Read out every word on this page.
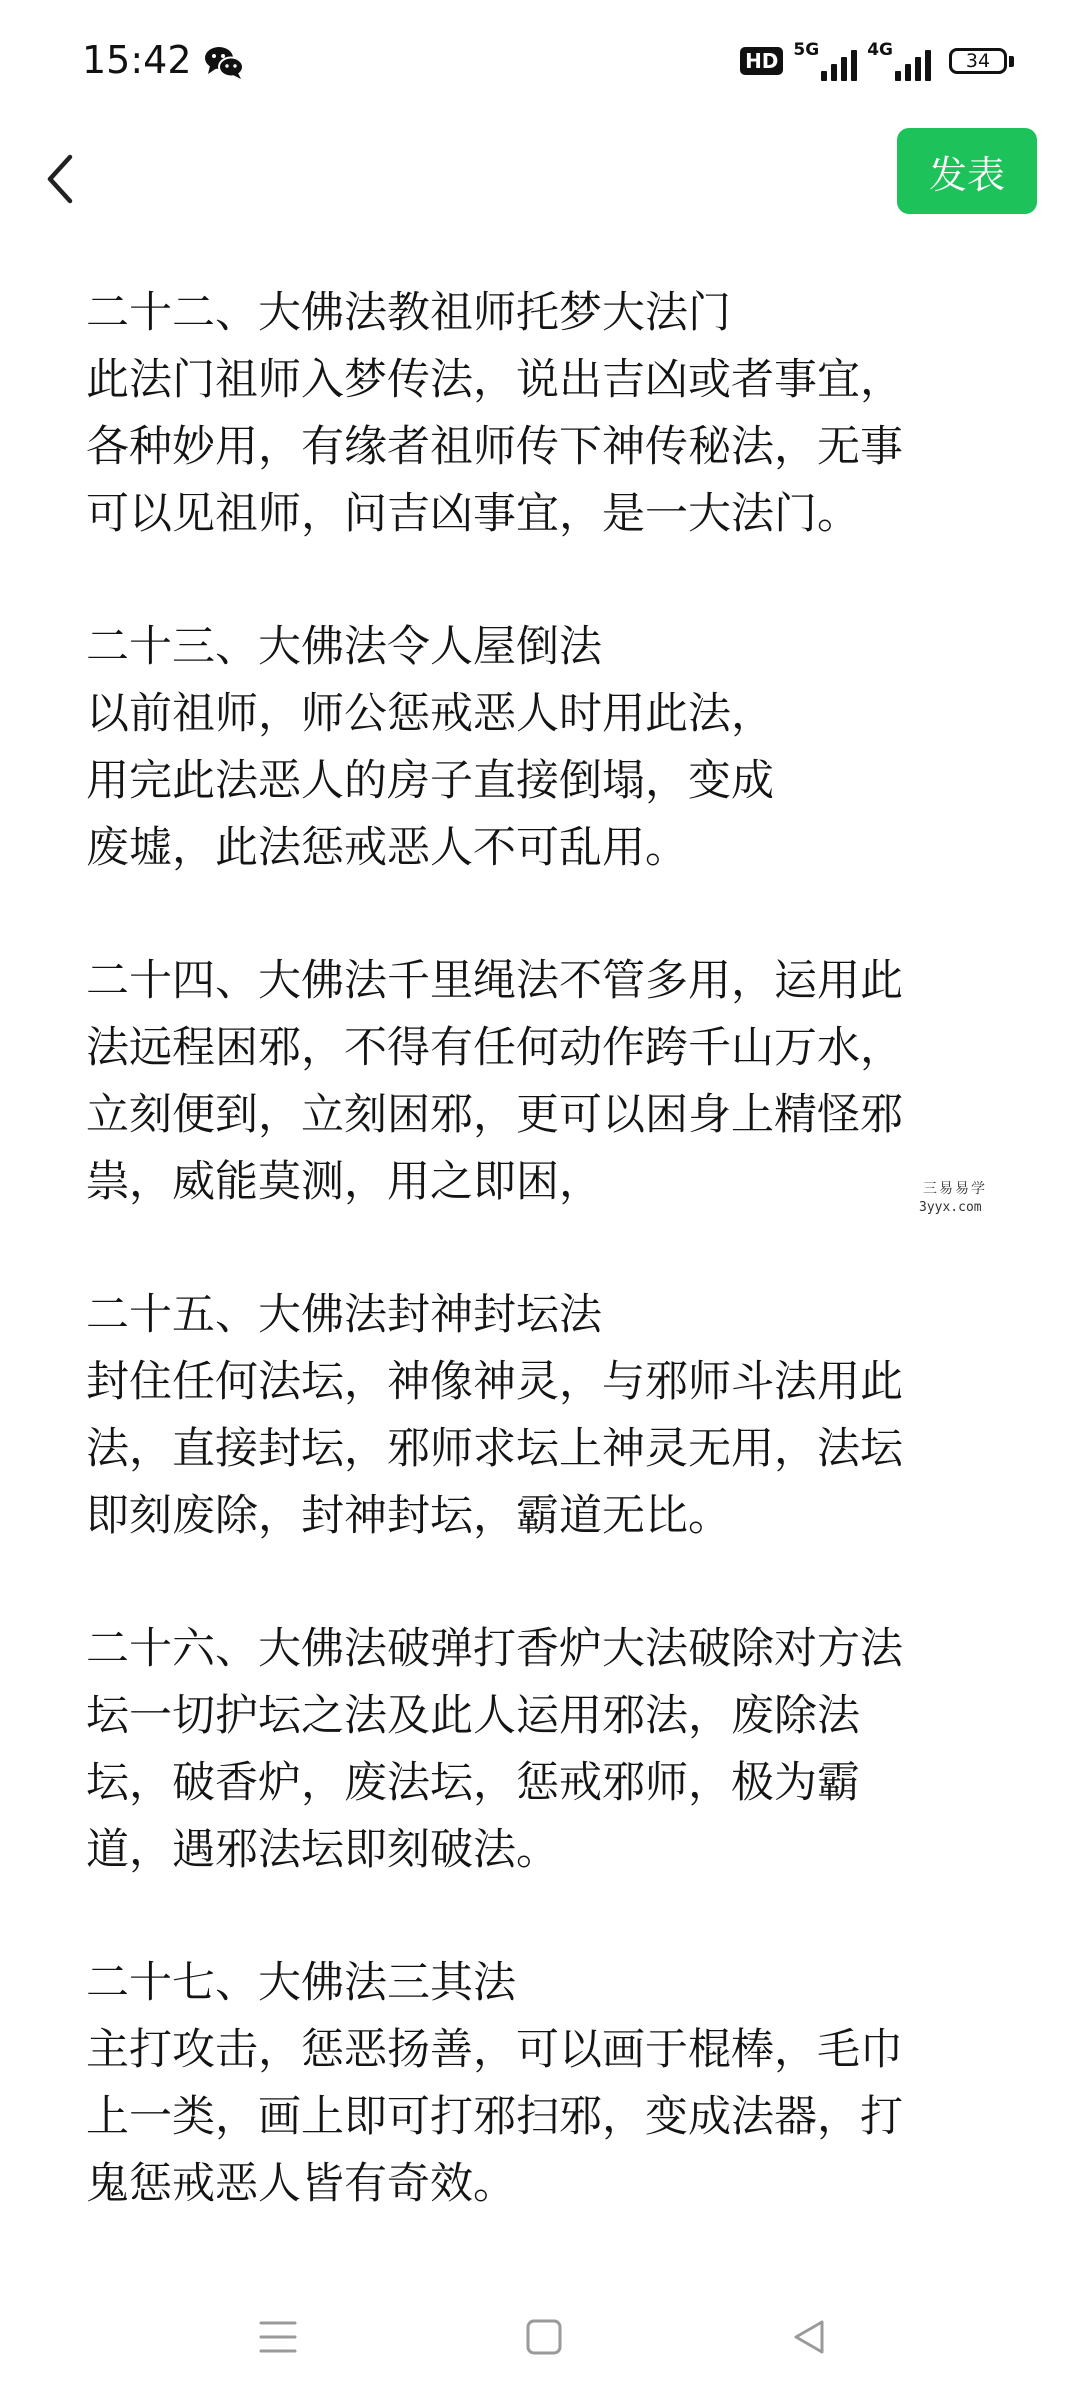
15:42	HD 5G	4G	34
发表
二十二、大佛法教祖师托梦大法门
此法门祖师入梦传法，说出吉凶或者事宜，
各种妙用，有缘者祖师传下神传秘法，无事
可以见祖师，问吉凶事宜，是一大法门。
二十三、大佛法令人屋倒法
以前祖师，师公惩戒恶人时用此法，
用完此法恶人的房子直接倒塌，变成
废墟，此法惩戒恶人不可乱用。
二十四、大佛法千里绳法不管多用，运用此
法远程困邪，不得有任何动作跨千山万水，
立刻便到，立刻困邪，更可以困身上精怪邪
祟，威能莫测，用之即困，
二十五、大佛法封神封坛法
封住任何法坛，神像神灵，与邪师斗法用此
法，直接封坛，邪师求坛上神灵无用，法坛
即刻废除，封神封坛，霸道无比。
二十六、大佛法破弹打香炉大法破除对方法
坛一切护坛之法及此人运用邪法，废除法
坛，破香炉，废法坛，惩戒邪师，极为霸
道，遇邪法坛即刻破法。
二十七、大佛法三其法
主打攻击，惩恶扬善，可以画于棍棒，毛巾
上一类，画上即可打邪扫邪，变成法器，打
鬼惩戒恶人皆有奇效。
三易易学
3yyx.com
